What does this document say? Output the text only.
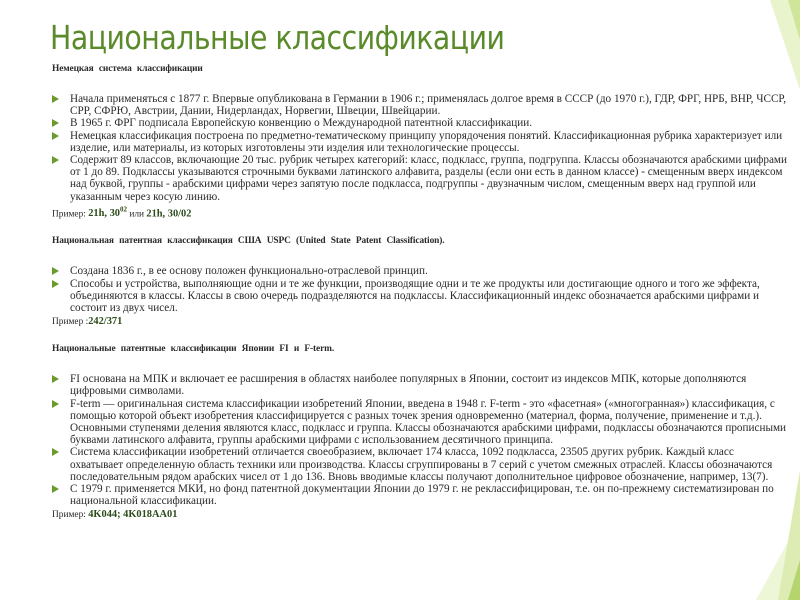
Национальные классификации
Немецкая система классификации
Начала применяться с 1877 г. Впервые опубликована в Германии в 1906 г.; применялась долгое время в СССР (до 1970 г.), ГДР, ФРГ, НРБ, ВНР, ЧССР, СРР, СФРЮ, Австрии, Дании, Нидерландах, Норвегии, Швеции, Швейцарии.
В 1965 г. ФРГ подписала Европейскую конвенцию о Международной патентной классификации.
Немецкая классификация построена по предметно-тематическому принципу упорядочения понятий. Классификационная рубрика характеризует или изделие, или материалы, из которых изготовлены эти изделия или технологические процессы.
Содержит 89 классов, включающие 20 тыс. рубрик четырех категорий: класс, подкласс, группа, подгруппа. Классы обозначаются арабскими цифрами от 1 до 89. Подклассы указываются строчными буквами латинского алфавита, разделы (если они есть в данном классе) - смещенным вверх индексом над буквой, группы - арабскими цифрами через запятую после подкласса, подгруппы - двузначным числом, смещенным вверх над группой или указанным через косую линию.
Пример: 21h, $30^{02}$ или 21h, 30/02
Национальная патентная классификация США USPC (United State Patent Classification).
Создана 1836 г., в ее основу положен функционально-отраслевой принцип.
Способы и устройства, выполняющие одни и те же функции, производящие одни и те же продукты или достигающие одного и того же эффекта, объединяются в классы. Классы в свою очередь подразделяются на подклассы. Классификационный индекс обозначается арабскими цифрами и состоит из двух чисел.
Пример :242/371
Национальные патентные классификации Японии FI и F-term.
FI основана на МПК и включает ее расширения в областях наиболее популярных в Японии, состоит из индексов МПК, которые дополняются цифровыми символами.
F-term — оригинальная система классификации изобретений Японии, введена в 1948 г. F-term - это «фасетная» («многогранная») классификация, с помощью которой объект изобретения классифицируется с разных точек зрения одновременно (материал, форма, получение, применение и т.д.). Основными ступенями деления являются класс, подкласс и группа. Классы обозначаются арабскими цифрами, подклассы обозначаются прописными буквами латинского алфавита, группы арабскими цифрами с использованием десятичного принципа.
Система классификации изобретений отличается своеобразием, включает 174 класса, 1092 подкласса, 23505 других рубрик. Каждый класс охватывает определенную область техники или производства. Классы сгруппированы в 7 серий с учетом смежных отраслей. Классы обозначаются последовательным рядом арабских чисел от 1 до 136. Вновь вводимые классы получают дополнительное цифровое обозначение, например, 13(7).
С 1979 г. применяется МКИ, но фонд патентной документации Японии до 1979 г. не реклассифицирован, т.е. он по-прежнему систематизирован по национальной классификации.
Пример: 4K044; 4K018AA01
